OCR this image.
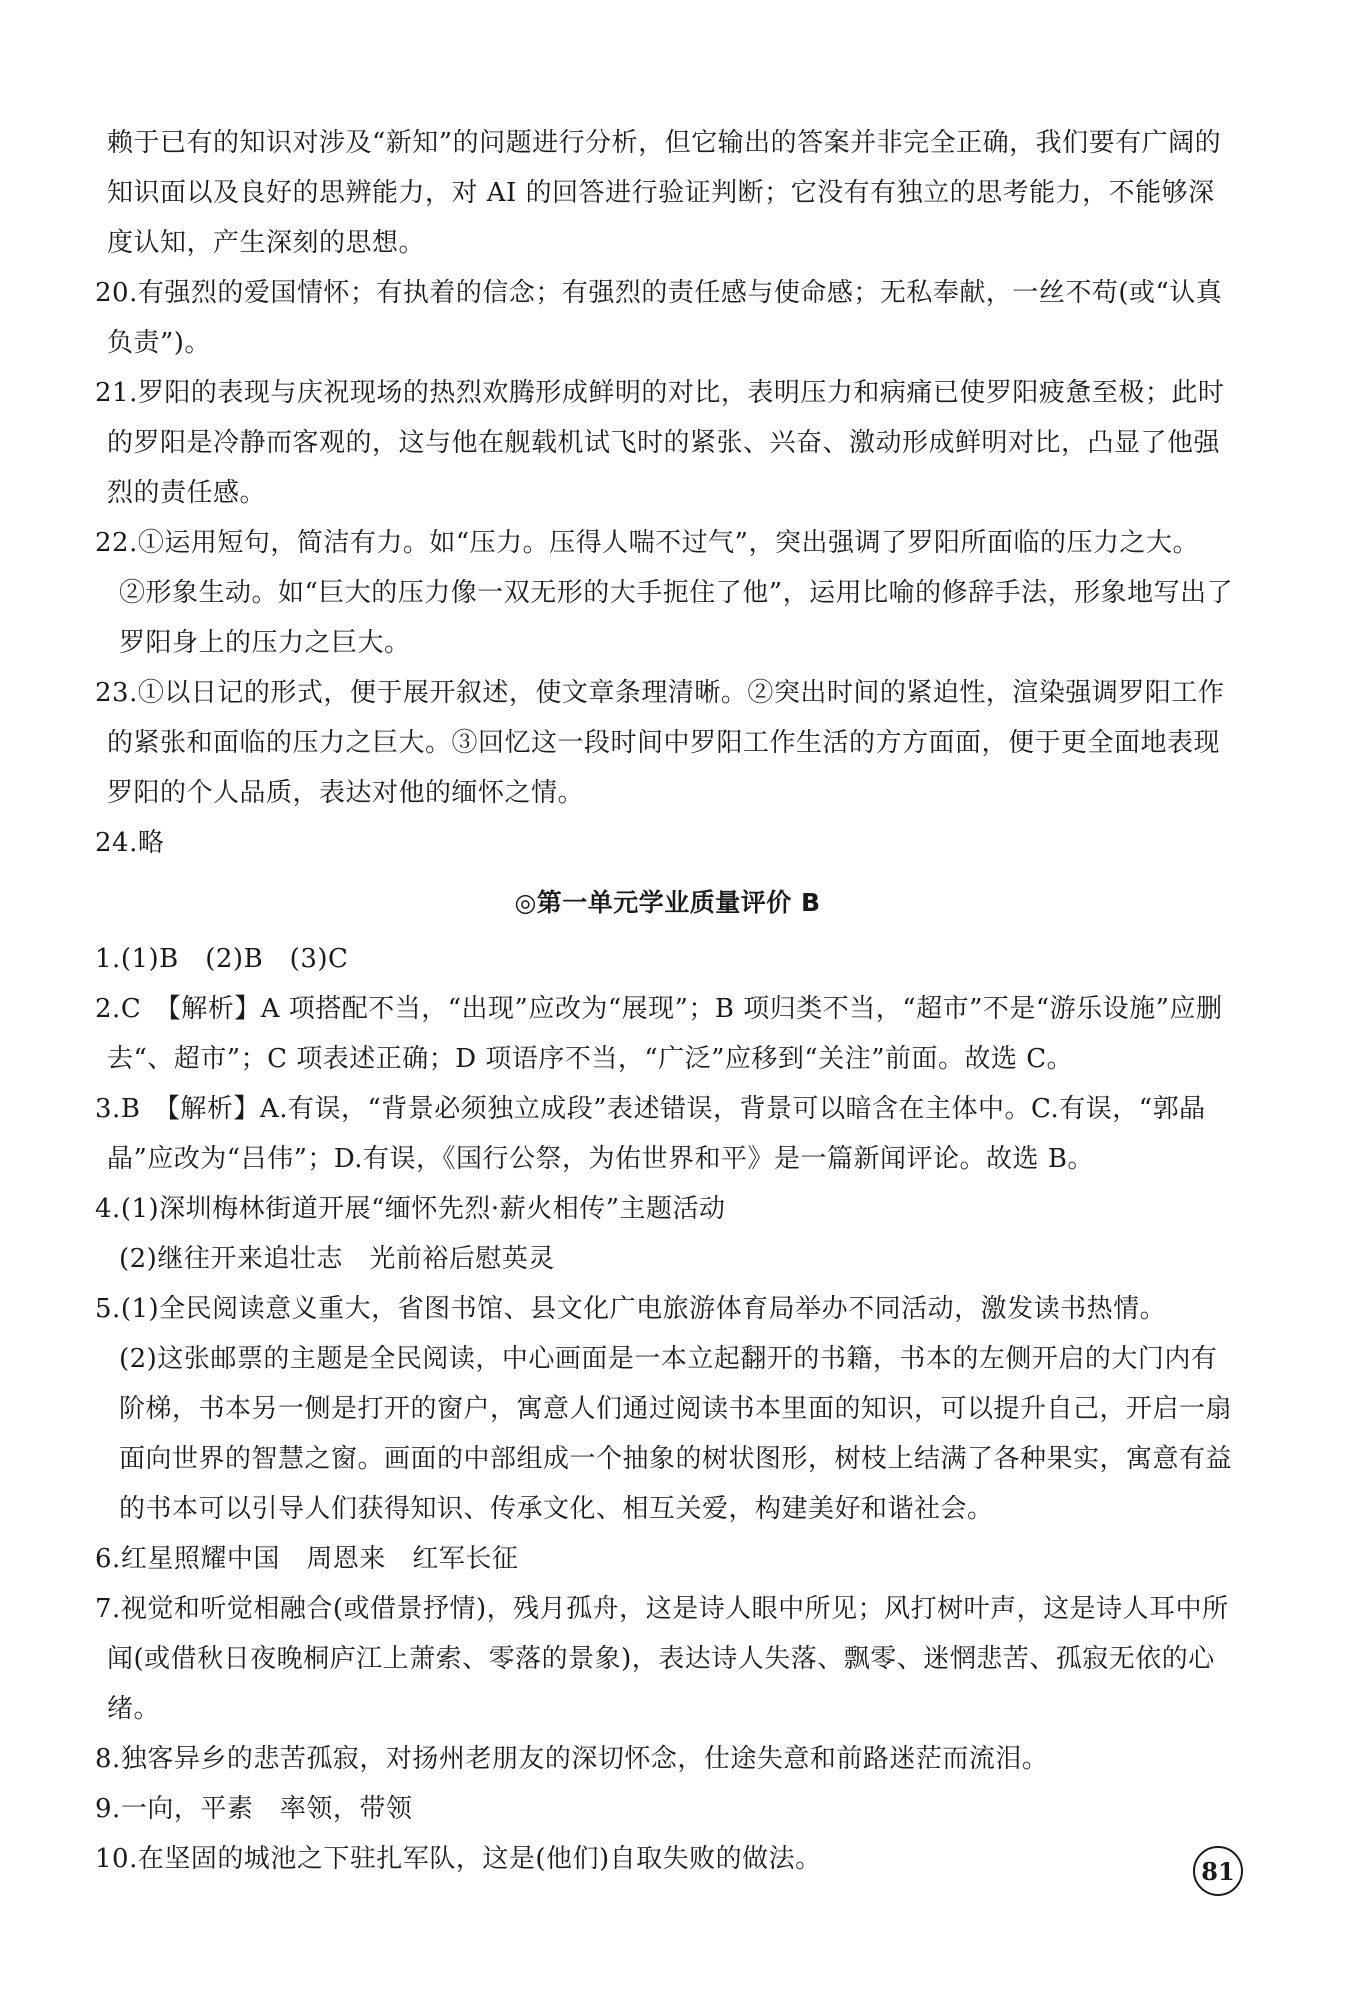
赖于已有的知识对涉及“新知”的问题进行分析，但它输出的答案并非完全正确，我们要有广阔的知识面以及良好的思辨能力，对 AI 的回答进行验证判断；它没有有独立的思考能力，不能够深度认知，产生深刻的思想。
20.有强烈的爱国情怀；有执着的信念；有强烈的责任感与使命感；无私奉献，一丝不苟(或“认真负责”)。
21.罗阳的表现与庆祝现场的热烈欢腾形成鲜明的对比，表明压力和病痛已使罗阳疲惫至极；此时的罗阳是冷静而客观的，这与他在舰载机试飞时的紧张、兴奋、激动形成鲜明对比，凸显了他强烈的责任感。
22.①运用短句，简洁有力。如“压力。压得人喘不过气”，突出强调了罗阳所面临的压力之大。
②形象生动。如“巨大的压力像一双无形的大手扼住了他”，运用比喻的修辞手法，形象地写出了罗阳身上的压力之巨大。
23.①以日记的形式，便于展开叙述，使文章条理清晰。②突出时间的紧迫性，渲染强调罗阳工作的紧张和面临的压力之巨大。③回忆这一段时间中罗阳工作生活的方方面面，便于更全面地表现罗阳的个人品质，表达对他的缅怀之情。
24.略
◎第一单元学业质量评价 B
1.(1)B　(2)B　(3)C
2.C　【解析】A 项搭配不当，“出现”应改为“展现”；B 项归类不当，“超市”不是“游乐设施”应删去“、超市”；C 项表述正确；D 项语序不当，“广泛”应移到“关注”前面。故选 C。
3.B　【解析】A.有误，“背景必须独立成段”表述错误，背景可以暗含在主体中。C.有误，“郭晶晶”应改为“吕伟”；D.有误，《国行公祭，为佑世界和平》是一篇新闻评论。故选 B。
4.(1)深圳梅林街道开展“缅怀先烈·薪火相传”主题活动
(2)继往开来追壮志　光前裕后慰英灵
5.(1)全民阅读意义重大，省图书馆、县文化广电旅游体育局举办不同活动，激发读书热情。
(2)这张邮票的主题是全民阅读，中心画面是一本立起翻开的书籍，书本的左侧开启的大门内有阶梯，书本另一侧是打开的窗户，寓意人们通过阅读书本里面的知识，可以提升自己，开启一扇面向世界的智慧之窗。画面的中部组成一个抽象的树状图形，树枝上结满了各种果实，寓意有益的书本可以引导人们获得知识、传承文化、相互关爱，构建美好和谐社会。
6.红星照耀中国　周恩来　红军长征
7.视觉和听觉相融合(或借景抒情)，残月孤舟，这是诗人眼中所见；风打树叶声，这是诗人耳中所闻(或借秋日夜晚桐庐江上萧索、零落的景象)，表达诗人失落、飘零、迷惘悲苦、孤寂无依的心绪。
8.独客异乡的悲苦孤寂，对扬州老朋友的深切怀念，仕途失意和前路迷茫而流泪。
9.一向，平素　率领，带领
10.在坚固的城池之下驻扎军队，这是(他们)自取失败的做法。	81
